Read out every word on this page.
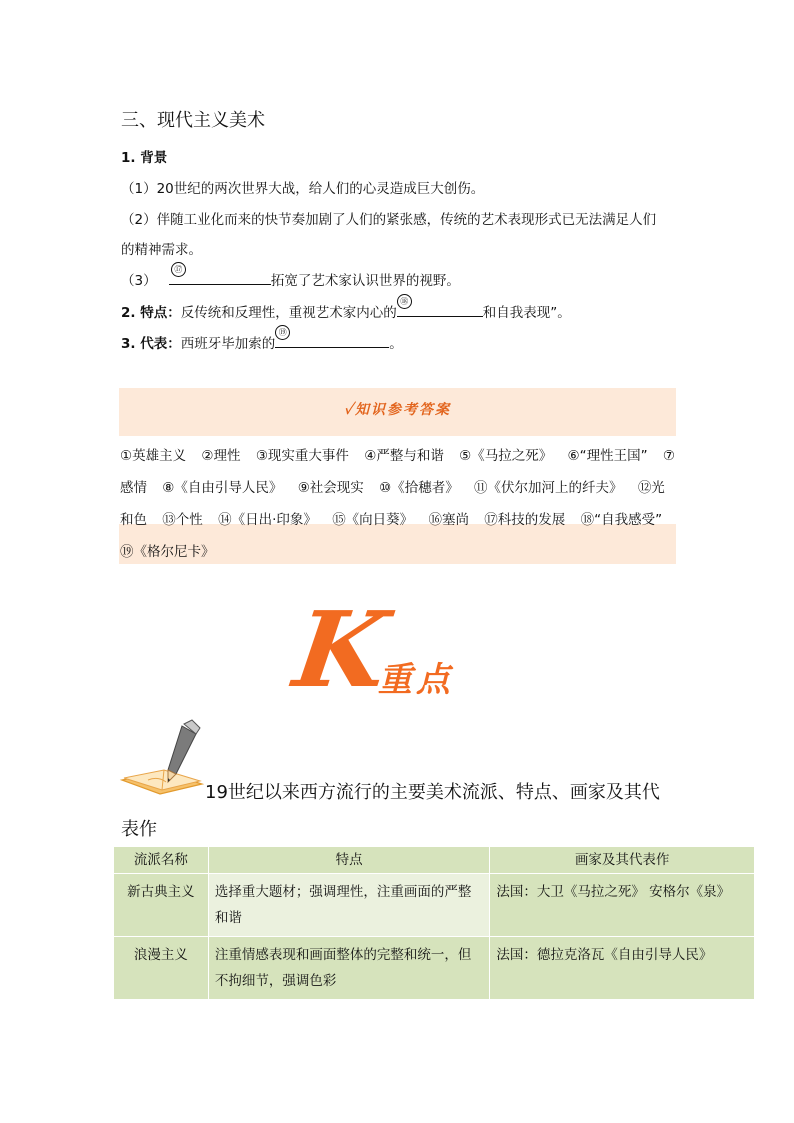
三、现代主义美术
1. 背景
（1）20世纪的两次世界大战，给人们的心灵造成巨大创伤。
（2）伴随工业化而来的快节奏加剧了人们的紧张感，传统的艺术表现形式已无法满足人们
的精神需求。
（3）
⑰
拓宽了艺术家认识世界的视野。
2. 特点：反传统和反理性，重视艺术家内心的
⑱
和自我表现”。
3. 代表：西班牙毕加索的
⑲
。
✓知识参考答案
①英雄主义 ②理性 ③现实重大事件 ④严整与和谐 ⑤《马拉之死》 ⑥“理性王国” ⑦感情 ⑧《自由引导人民》 ⑨社会现实 ⑩《拾穗者》 ⑪《伏尔加河上的纤夫》 ⑫光和色 ⑬个性 ⑭《日出·印象》 ⑮《向日葵》 ⑯塞尚 ⑰科技的发展 ⑱“自我感受” ⑲《格尔尼卡》
K
重点
19世纪以来西方流行的主要美术流派、特点、画家及其代
表作
流派名称	特点	画家及其代表作
新古典主义	选择重大题材；强调理性，注重画面的严整和谐	法国：大卫《马拉之死》 安格尔《泉》
浪漫主义	注重情感表现和画面整体的完整和统一，但不拘细节，强调色彩	法国：德拉克洛瓦《自由引导人民》
